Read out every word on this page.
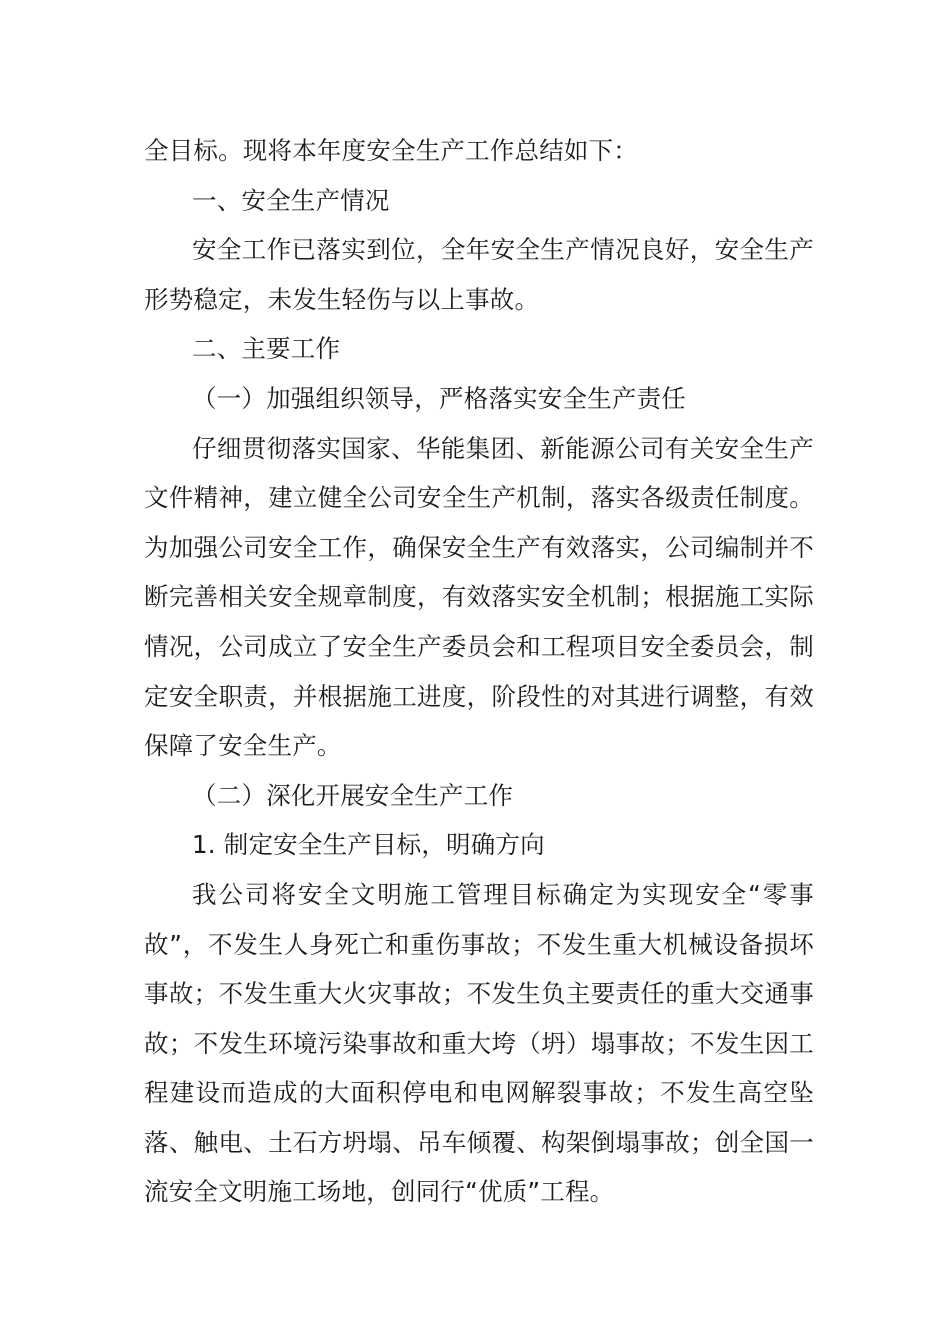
全目标。现将本年度安全生产工作总结如下：

一、安全生产情况

安全工作已落实到位，全年安全生产情况良好，安全生产形势稳定，未发生轻伤与以上事故。

二、主要工作

（一）加强组织领导，严格落实安全生产责任

仔细贯彻落实国家、华能集团、新能源公司有关安全生产文件精神，建立健全公司安全生产机制，落实各级责任制度。为加强公司安全工作，确保安全生产有效落实，公司编制并不断完善相关安全规章制度，有效落实安全机制；根据施工实际情况，公司成立了安全生产委员会和工程项目安全委员会，制定安全职责，并根据施工进度，阶段性的对其进行调整，有效保障了安全生产。

（二）深化开展安全生产工作

1. 制定安全生产目标，明确方向

我公司将安全文明施工管理目标确定为实现安全“零事故”，不发生人身死亡和重伤事故；不发生重大机械设备损坏事故；不发生重大火灾事故；不发生负主要责任的重大交通事故；不发生环境污染事故和重大垮（坍）塌事故；不发生因工程建设而造成的大面积停电和电网解裂事故；不发生高空坠落、触电、土石方坍塌、吊车倾覆、构架倒塌事故；创全国一流安全文明施工场地，创同行“优质”工程。
